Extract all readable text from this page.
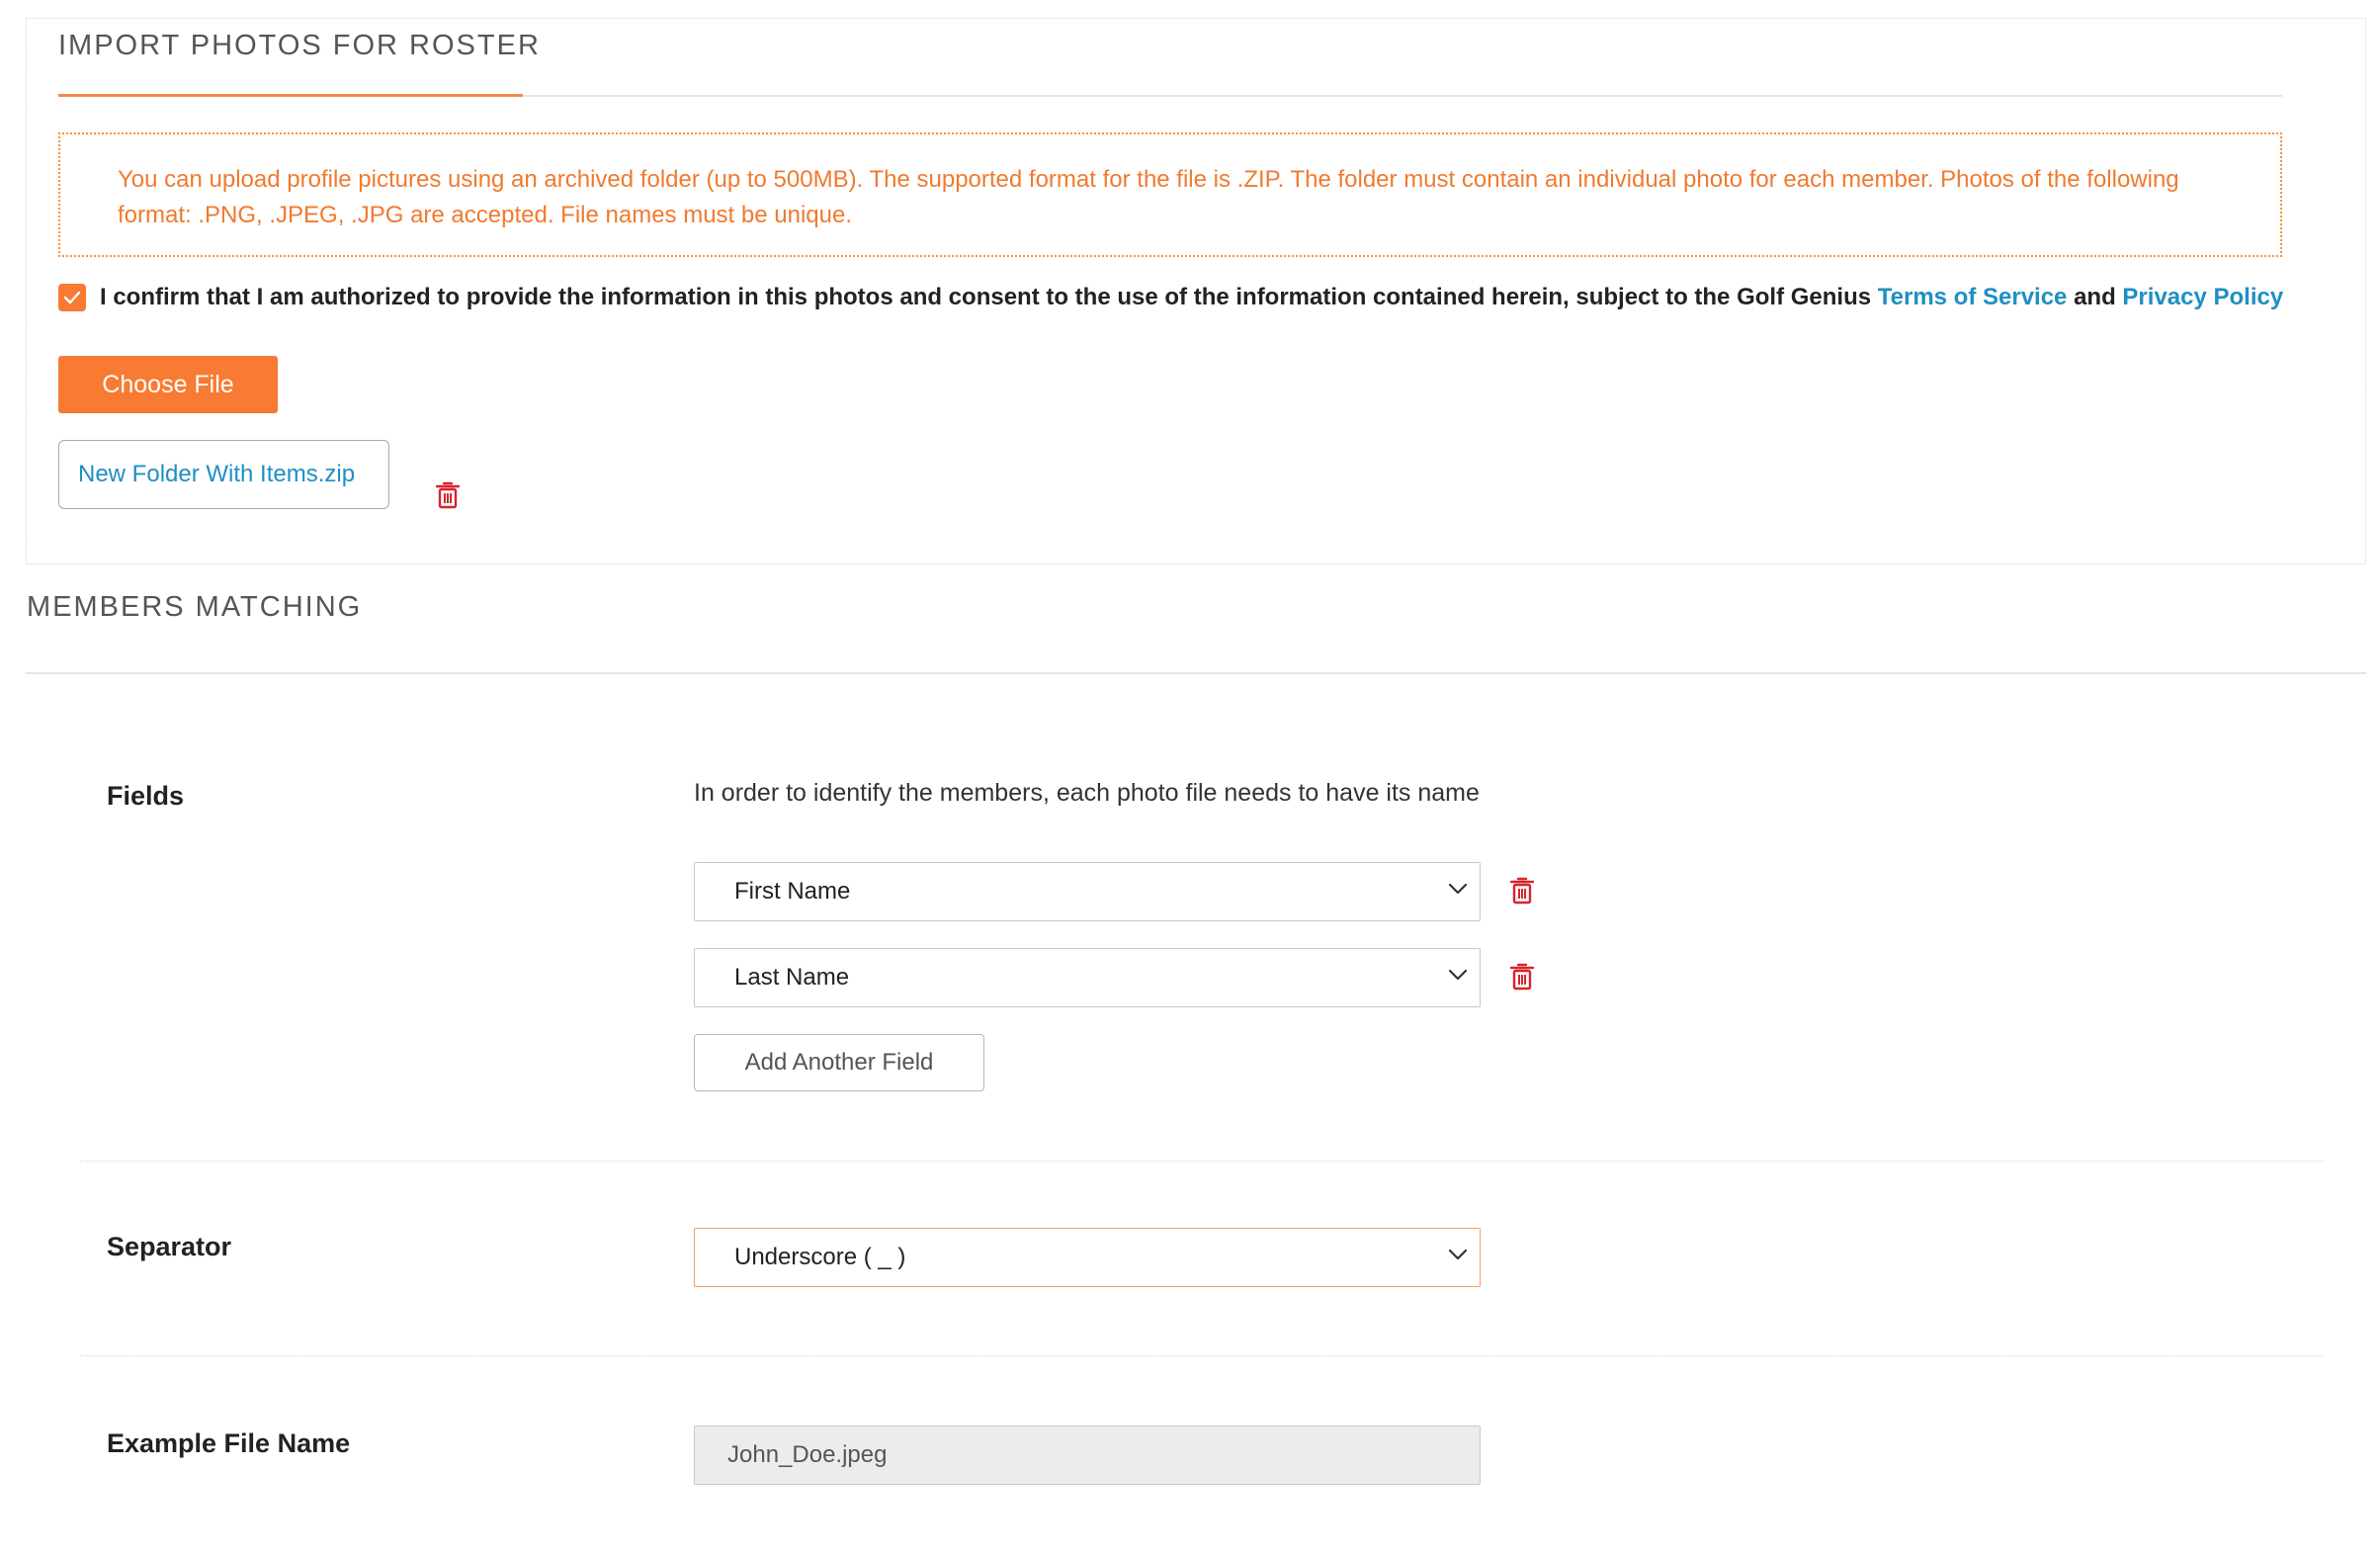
IMPORT PHOTOS FOR ROSTER
You can upload profile pictures using an archived folder (up to 500MB). The supported format for the file is .ZIP. The folder must contain an individual photo for each member. Photos of the following format: .PNG, .JPEG, .JPG are accepted. File names must be unique.
I confirm that I am authorized to provide the information in this photos and consent to the use of the information contained herein, subject to the Golf Genius Terms of Service and Privacy Policy
Choose File
New Folder With Items.zip
MEMBERS MATCHING
Fields	In order to identify the members, each photo file needs to have its name
First Name
Last Name
Add Another Field
Separator	Underscore ( _ )
Example File Name	John_Doe.jpeg
